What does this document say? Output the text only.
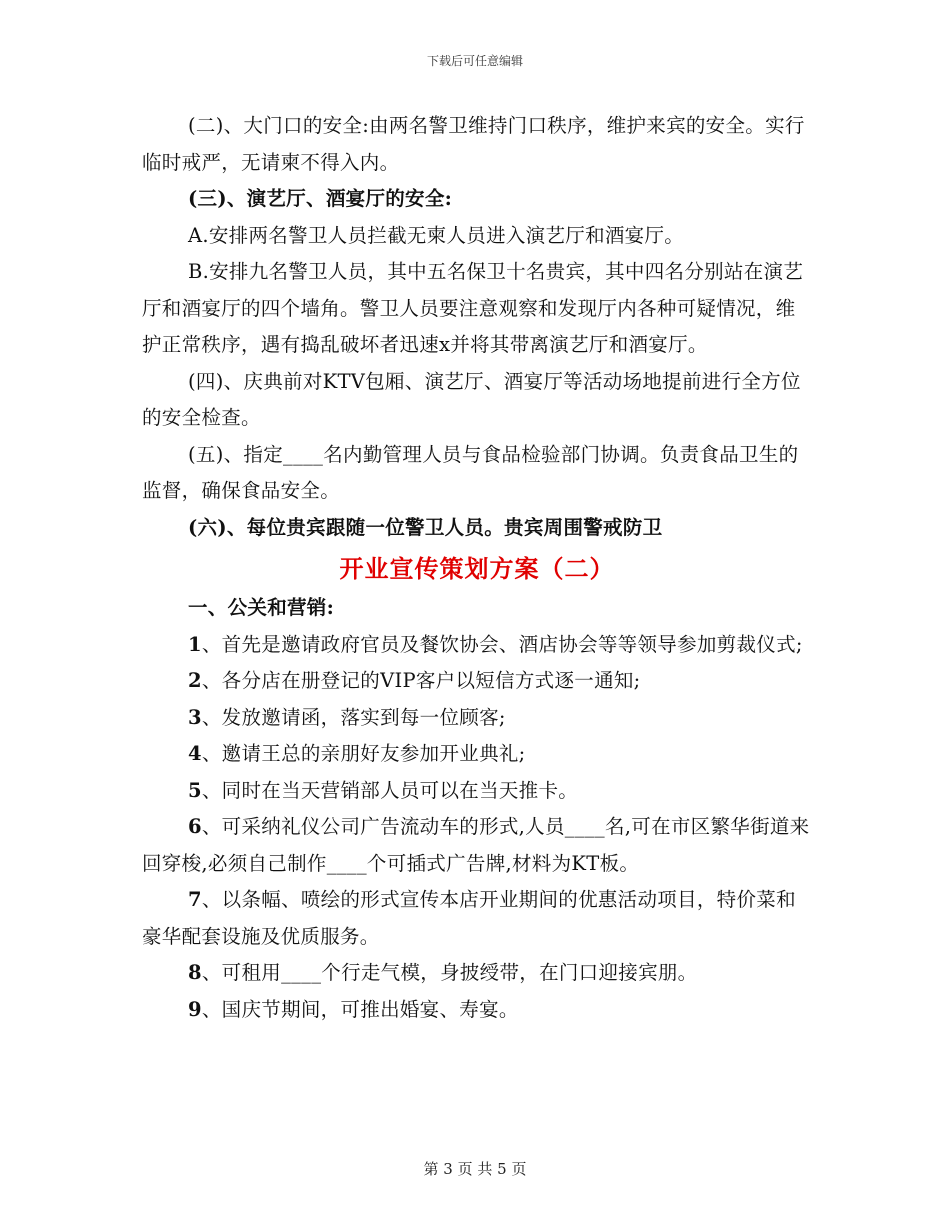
下载后可任意编辑

(二)、大门口的安全:由两名警卫维持门口秩序，维护来宾的安全。实行临时戒严，无请柬不得入内。

(三)、演艺厅、酒宴厅的安全:

A.安排两名警卫人员拦截无柬人员进入演艺厅和酒宴厅。

B.安排九名警卫人员，其中五名保卫十名贵宾，其中四名分别站在演艺厅和酒宴厅的四个墙角。警卫人员要注意观察和发现厅内各种可疑情况，维护正常秩序，遇有捣乱破坏者迅速x并将其带离演艺厅和酒宴厅。

(四)、庆典前对KTV包厢、演艺厅、酒宴厅等活动场地提前进行全方位的安全检查。

(五)、指定____名内勤管理人员与食品检验部门协调。负责食品卫生的监督，确保食品安全。

(六)、每位贵宾跟随一位警卫人员。贵宾周围警戒防卫

开业宣传策划方案（二）

一、公关和营销:

1、首先是邀请政府官员及餐饮协会、酒店协会等等领导参加剪裁仪式;

2、各分店在册登记的VIP客户以短信方式逐一通知;

3、发放邀请函，落实到每一位顾客;

4、邀请王总的亲朋好友参加开业典礼;

5、同时在当天营销部人员可以在当天推卡。

6、可采纳礼仪公司广告流动车的形式,人员____名,可在市区繁华街道来回穿梭,必须自己制作____个可插式广告牌,材料为KT板。

7、以条幅、喷绘的形式宣传本店开业期间的优惠活动项目，特价菜和豪华配套设施及优质服务。

8、可租用____个行走气模，身披绶带，在门口迎接宾朋。

9、国庆节期间，可推出婚宴、寿宴。

第 3 页 共 5 页
